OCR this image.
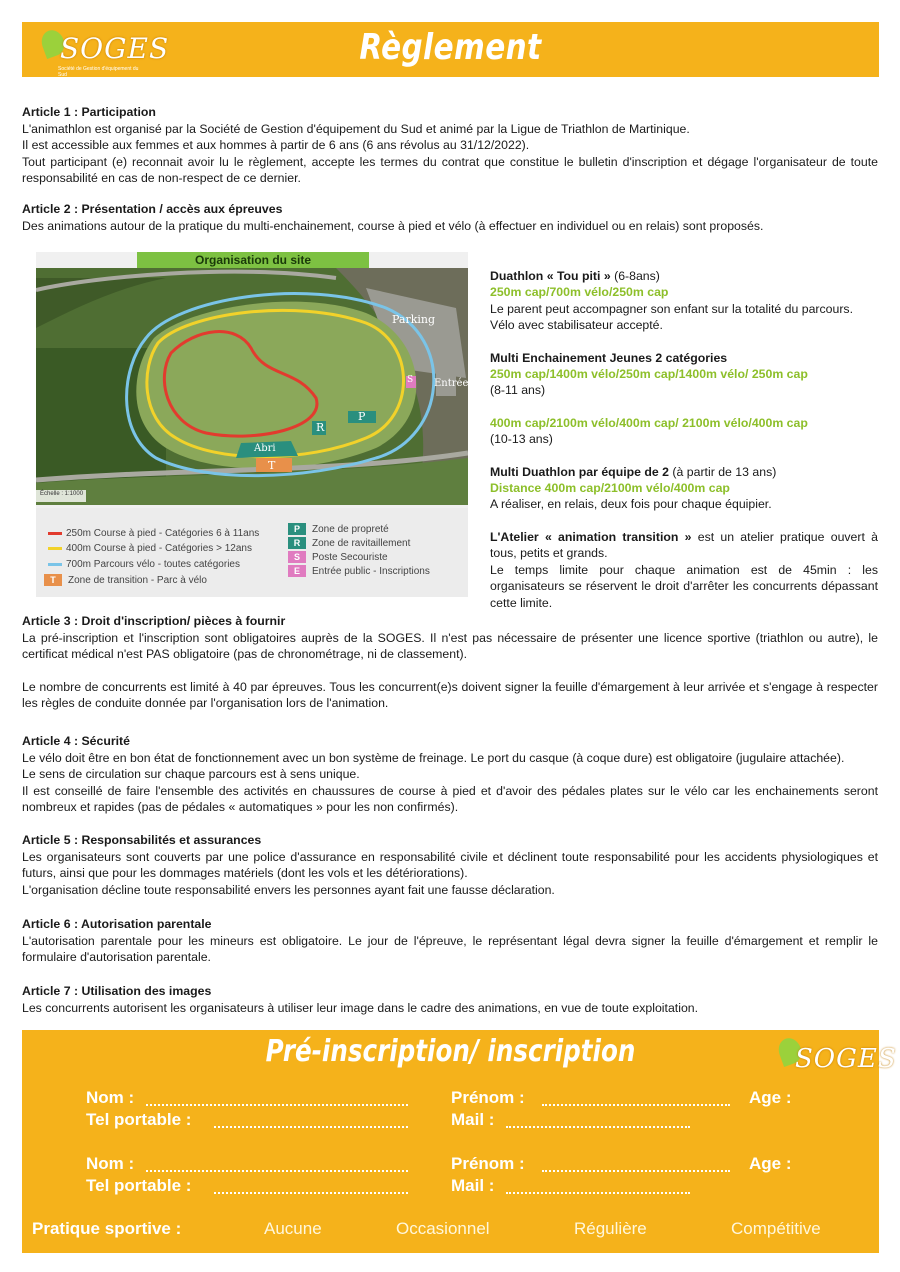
SOGES
Société de Gestion d'équipement du Sud
Règlement
Article 1 : Participation

L'animathlon est organisé par la Société de Gestion d'équipement du Sud et animé par la Ligue de Triathlon de Martinique.

Il est accessible aux femmes et aux hommes à partir de 6 ans (6 ans révolus au 31/12/2022).

Tout participant (e) reconnait avoir lu le règlement, accepte les termes du contrat que constitue le bulletin d'inscription et dégage l'organisateur de toute responsabilité en cas de non-respect de ce dernier.

Article 2 : Présentation / accès aux épreuves

Des animations autour de la pratique du multi-enchainement, course à pied et vélo (à effectuer en individuel ou en relais) sont proposés.

Organisation du site
Parking
Entrée
Abri
T
P
R
S
Échelle : 1:1000
250m Course à pied - Catégories 6 à 11ans
400m Course à pied - Catégories > 12ans
700m Parcours vélo - toutes catégories
T	Zone de transition - Parc à vélo
P	Zone de propreté
R	Zone de ravitaillement
S	Poste Secouriste
E	Entrée public - Inscriptions
Duathlon « Tou piti » (6-8ans)
250m cap/700m vélo/250m cap
Le parent peut accompagner son enfant sur la totalité du parcours.
Vélo avec stabilisateur accepté.
Multi Enchainement Jeunes 2 catégories
250m cap/1400m vélo/250m cap/1400m vélo/ 250m cap
(8-11 ans)
400m cap/2100m vélo/400m cap/ 2100m vélo/400m cap
(10-13 ans)
Multi Duathlon par équipe de 2 (à partir de 13 ans)
Distance 400m cap/2100m vélo/400m cap
A réaliser, en relais, deux fois pour chaque équipier.
L'Atelier « animation transition » est un atelier pratique ouvert à tous, petits et grands.
Le temps limite pour chaque animation est de 45min : les organisateurs se réservent le droit d'arrêter les concurrents dépassant cette limite.
Article 3 : Droit d'inscription/ pièces à fournir

La pré-inscription et l'inscription sont obligatoires auprès de la SOGES. Il n'est pas nécessaire de présenter une licence sportive (triathlon ou autre), le certificat médical n'est PAS obligatoire (pas de chronométrage, ni de classement).

Le nombre de concurrents est limité à 40 par épreuves. Tous les concurrent(e)s doivent signer la feuille d'émargement à leur arrivée et s'engage à respecter les règles de conduite donnée par l'organisation lors de l'animation.

Article 4 : Sécurité

Le vélo doit être en bon état de fonctionnement avec un bon système de freinage. Le port du casque (à coque dure) est obligatoire (jugulaire attachée).

Le sens de circulation sur chaque parcours est à sens unique.

Il est conseillé de faire l'ensemble des activités en chaussures de course à pied et d'avoir des pédales plates sur le vélo car les enchainements seront nombreux et rapides (pas de pédales « automatiques » pour les non confirmés).

Article 5 : Responsabilités et assurances

Les organisateurs sont couverts par une police d'assurance en responsabilité civile et déclinent toute responsabilité pour les accidents physiologiques et futurs, ainsi que pour les dommages matériels (dont les vols et les détériorations).

L'organisation décline toute responsabilité envers les personnes ayant fait une fausse déclaration.

Article 6 : Autorisation parentale

L'autorisation parentale pour les mineurs est obligatoire. Le jour de l'épreuve, le représentant légal devra signer la feuille d'émargement et remplir le formulaire d'autorisation parentale.

Article 7 : Utilisation des images

Les concurrents autorisent les organisateurs à utiliser leur image dans le cadre des animations, en vue de toute exploitation.

Pré-inscription/ inscription	SOGES
Nom :	Prénom :	Age :
Tel portable :	Mail :
Nom :	Prénom :	Age :
Tel portable :	Mail :
Pratique sportive :	Aucune	Occasionnel	Régulière	Compétitive
